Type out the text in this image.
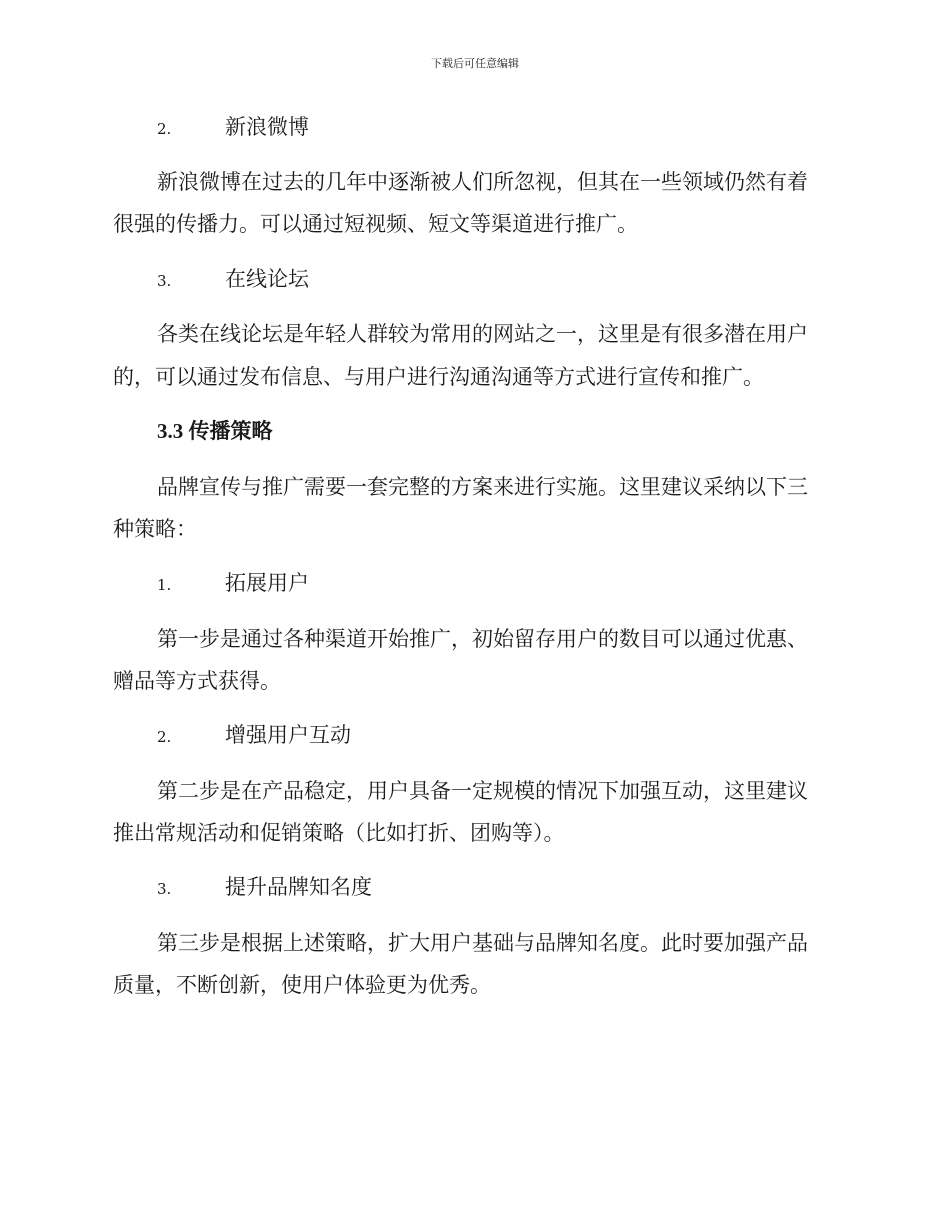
下载后可任意编辑
2.	新浪微博
新浪微博在过去的几年中逐渐被人们所忽视，但其在一些领域仍然有着
很强的传播力。可以通过短视频、短文等渠道进行推广。
3.	在线论坛
各类在线论坛是年轻人群较为常用的网站之一，这里是有很多潜在用户
的，可以通过发布信息、与用户进行沟通沟通等方式进行宣传和推广。
3.3 传播策略
品牌宣传与推广需要一套完整的方案来进行实施。这里建议采纳以下三
种策略：
1.	拓展用户
第一步是通过各种渠道开始推广，初始留存用户的数目可以通过优惠、
赠品等方式获得。
2.	增强用户互动
第二步是在产品稳定，用户具备一定规模的情况下加强互动，这里建议
推出常规活动和促销策略（比如打折、团购等）。
3.	提升品牌知名度
第三步是根据上述策略，扩大用户基础与品牌知名度。此时要加强产品
质量，不断创新，使用户体验更为优秀。
